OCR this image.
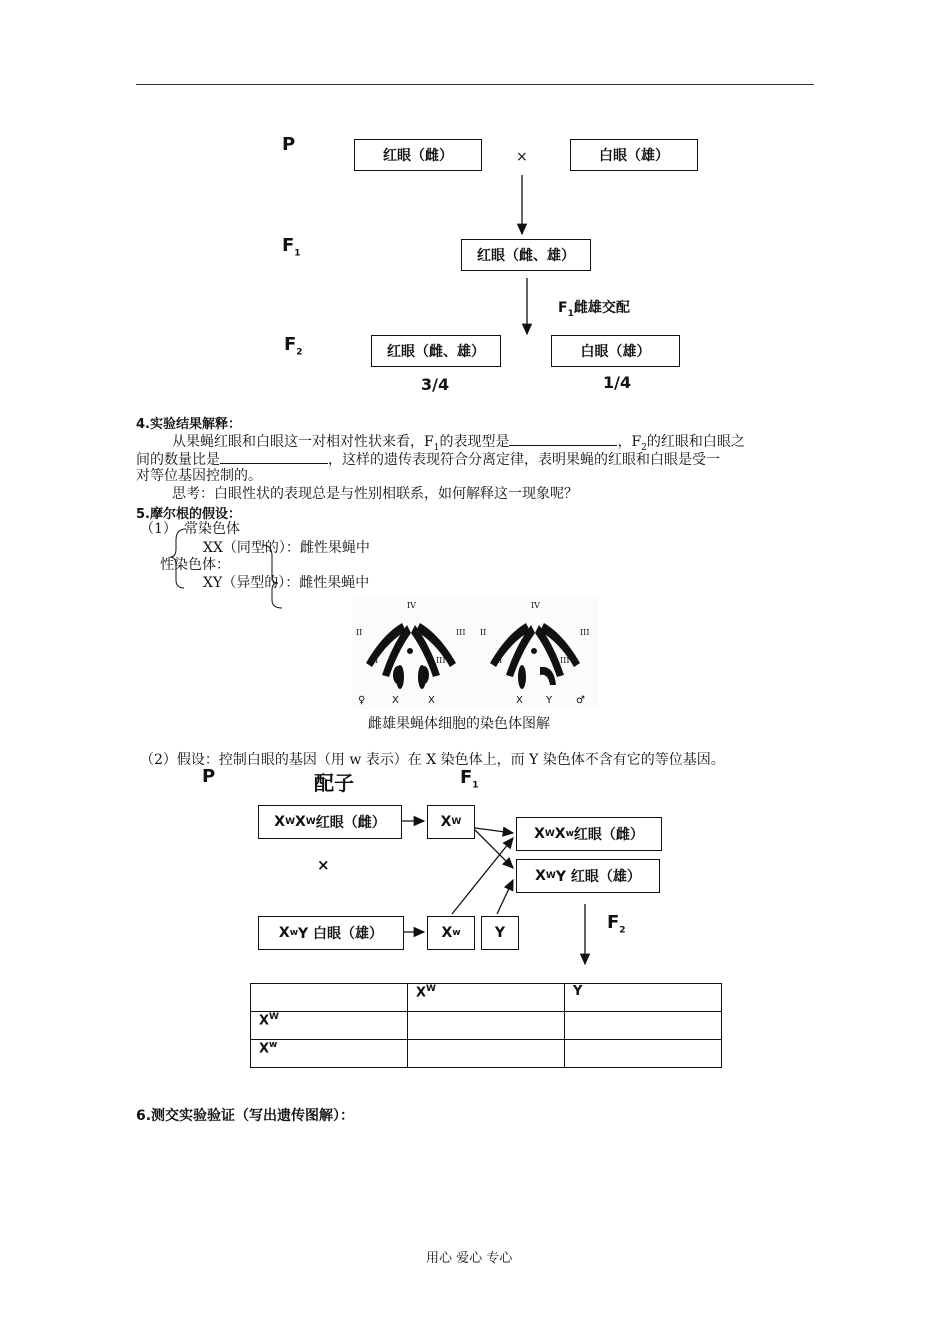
P
红眼（雌）	×	白眼（雄）
$F_1$	红眼（雌、雄）
$F_1$雌雄交配
$F_2$	红眼（雌、雄）	白眼（雄）
3/4	1/4
4.实验结果解释：
从果蝇红眼和白眼这一对相对性状来看，$F_1$的表现型是	，$F_2$的红眼和白眼之
间的数量比是	，这样的遗传表现符合分离定律，表明果蝇的红眼和白眼是受一
对等位基因控制的。
思考：白眼性状的表现总是与性别相联系，如何解释这一现象呢？
5.摩尔根的假设：
（1） 常染色体
XX（同型的）：雌性果蝇中
性染色体：
XY（异型的）：雌性果蝇中
IV
II	III
II	III
♀	X	X
IV
II	III
II	III
X Y ♂
雌雄果蝇体细胞的染色体图解
（2）假设：控制白眼的基因（用 w 表示）在 X 染色体上，而 Y 染色体不含有它的等位基因。
P	配子	$F_1$
X W X W 红眼（雌）	X W
×
X W X w 红眼（雌）
X W Y 红眼（雄）
X w Y 白眼（雄）	X w	Y	$F_2$
	$X^W$	Y
$X^W$		
$X^w$		
6.测交实验验证（写出遗传图解）：
用心 爱心 专心
